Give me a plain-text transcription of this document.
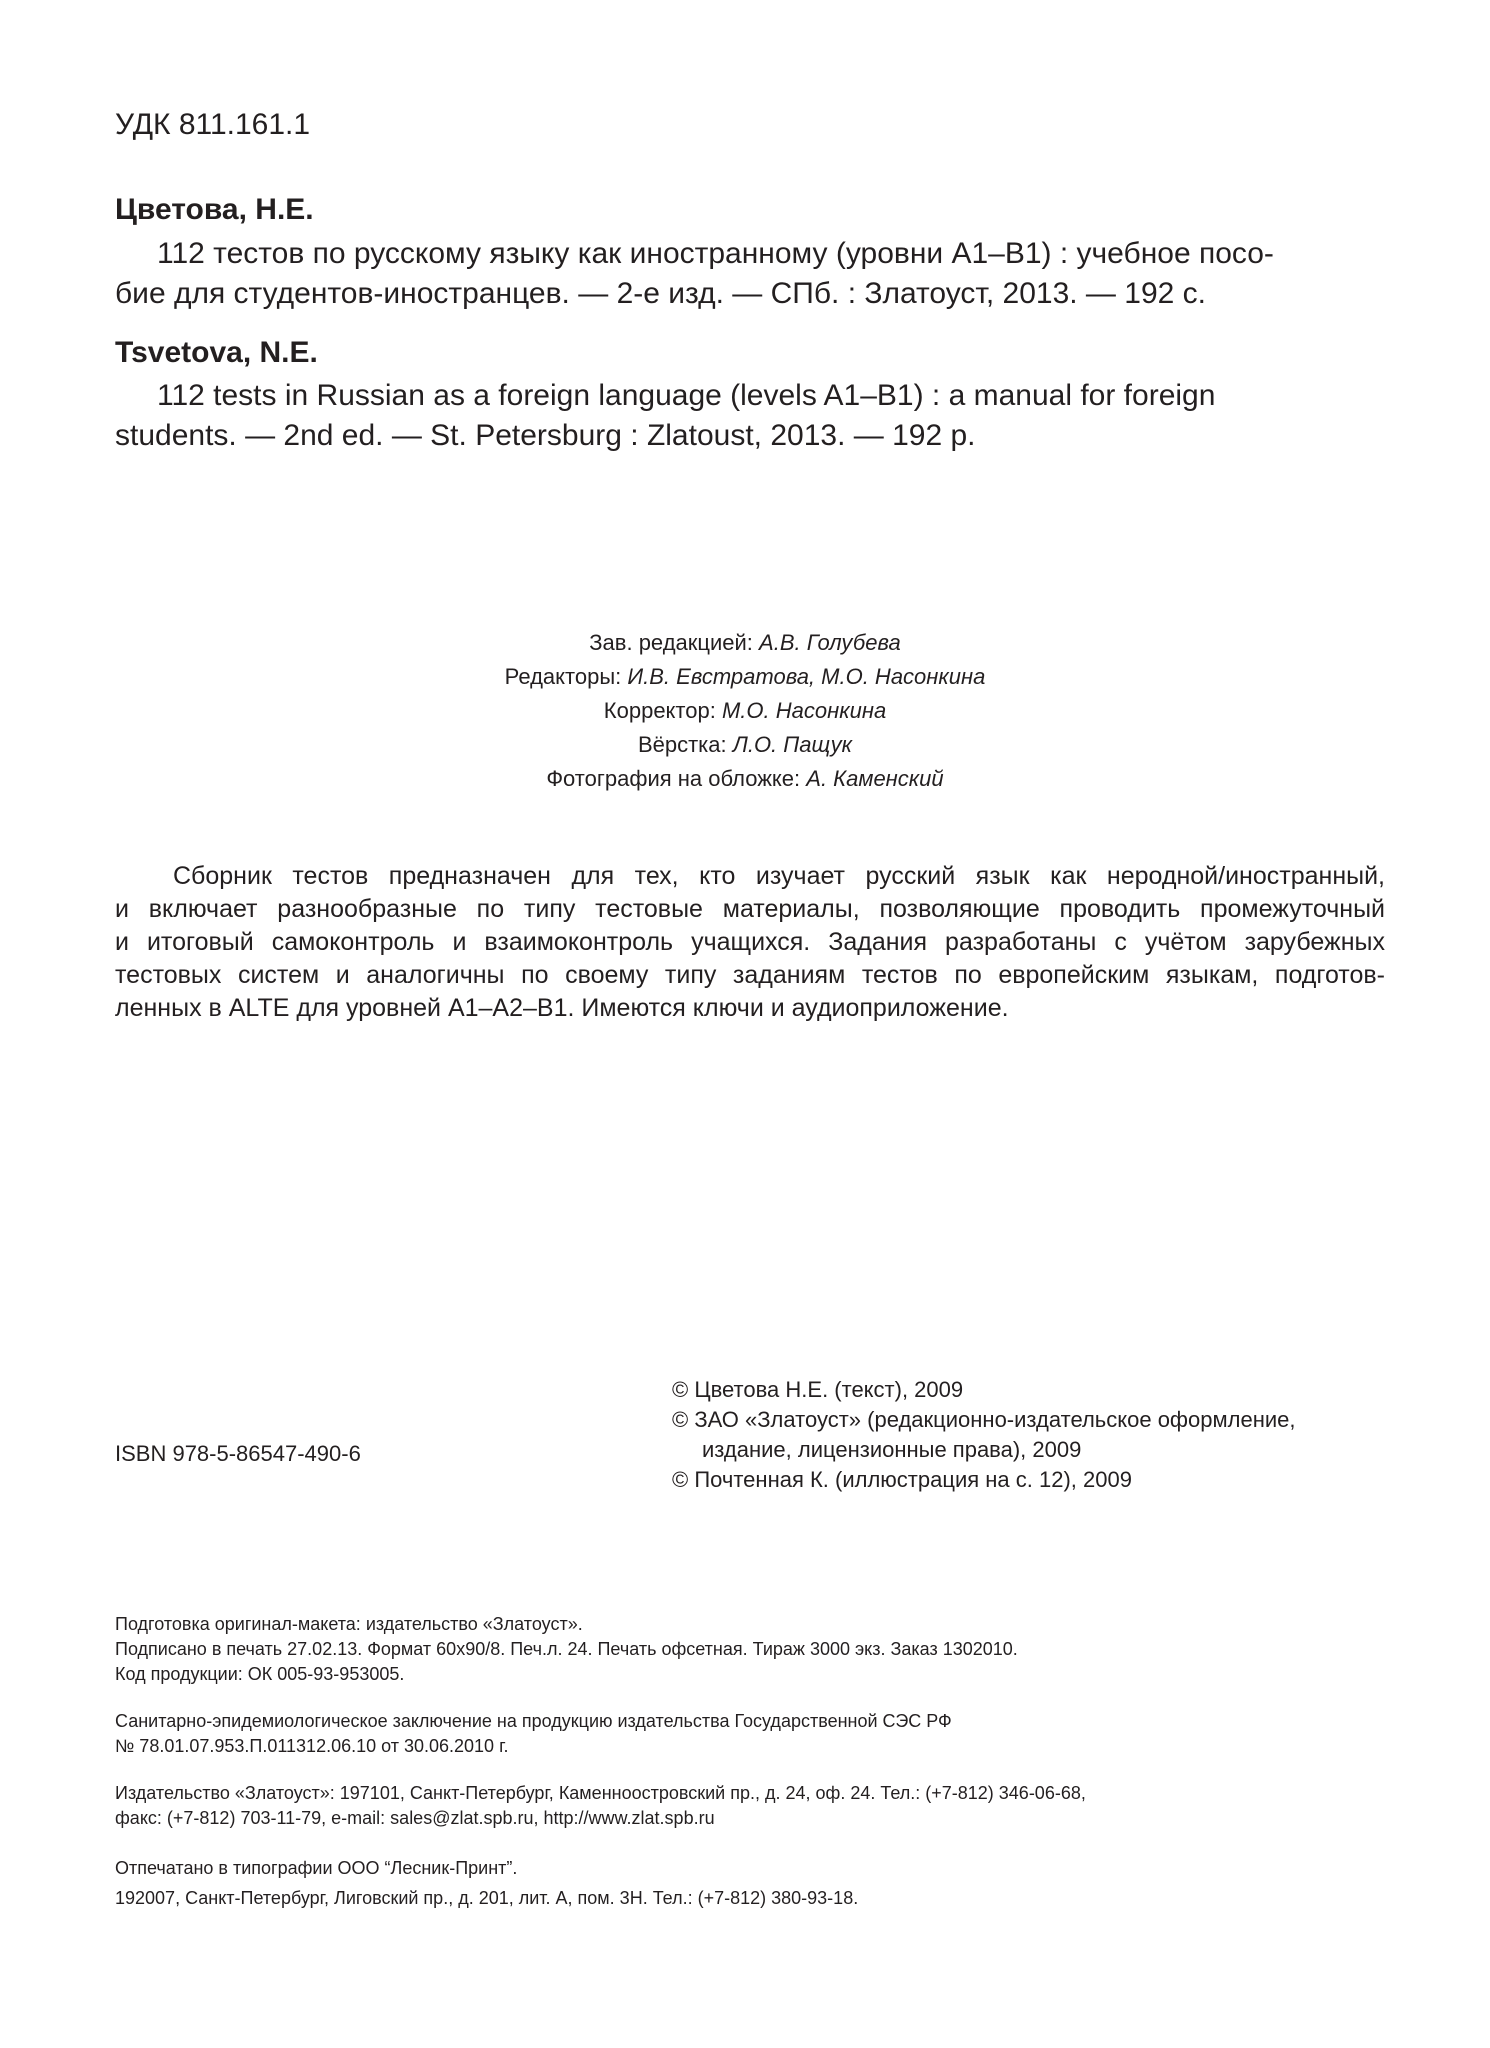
УДК 811.161.1
Цветова, Н.Е.
112 тестов по русскому языку как иностранному (уровни А1–В1) : учебное посо-
бие для студентов-иностранцев. — 2-е изд. — СПб. : Златоуст, 2013. — 192 с.
Tsvetova, N.E.
112 tests in Russian as a foreign language (levels A1–B1) : a manual for foreign
students. — 2nd ed. — St. Petersburg : Zlatoust, 2013. — 192 p.
Зав. редакцией: А.В. Голубева
Редакторы: И.В. Евстратова, М.О. Насонкина
Корректор: М.О. Насонкина
Вёрстка: Л.О. Пащук
Фотография на обложке: А. Каменский
Сборник тестов предназначен для тех, кто изучает русский язык как неродной/иностранный,
и включает разнообразные по типу тестовые материалы, позволяющие проводить промежуточный
и итоговый самоконтроль и взаимоконтроль учащихся. Задания разработаны с учётом зарубежных
тестовых систем и аналогичны по своему типу заданиям тестов по европейским языкам, подготов-
ленных в ALTE для уровней А1–А2–В1. Имеются ключи и аудиоприложение.
ISBN 978-5-86547-490-6
© Цветова Н.Е. (текст), 2009
© ЗАО «Златоуст» (редакционно-издательское оформление,
издание, лицензионные права), 2009
© Почтенная К. (иллюстрация на с. 12), 2009
Подготовка оригинал-макета: издательство «Златоуст».
Подписано в печать 27.02.13. Формат 60х90/8. Печ.л. 24. Печать офсетная. Тираж 3000 экз. Заказ 1302010.
Код продукции: ОК 005-93-953005.
Санитарно-эпидемиологическое заключение на продукцию издательства Государственной СЭС РФ
№ 78.01.07.953.П.011312.06.10 от 30.06.2010 г.
Издательство «Златоуст»: 197101, Санкт-Петербург, Каменноостровский пр., д. 24, оф. 24. Тел.: (+7-812) 346-06-68,
факс: (+7-812) 703-11-79, e-mail: sales@zlat.spb.ru, http://www.zlat.spb.ru
Отпечатано в типографии ООО “Лесник-Принт”.
192007, Санкт-Петербург, Лиговский пр., д. 201, лит. А, пом. 3Н. Тел.: (+7-812) 380-93-18.
